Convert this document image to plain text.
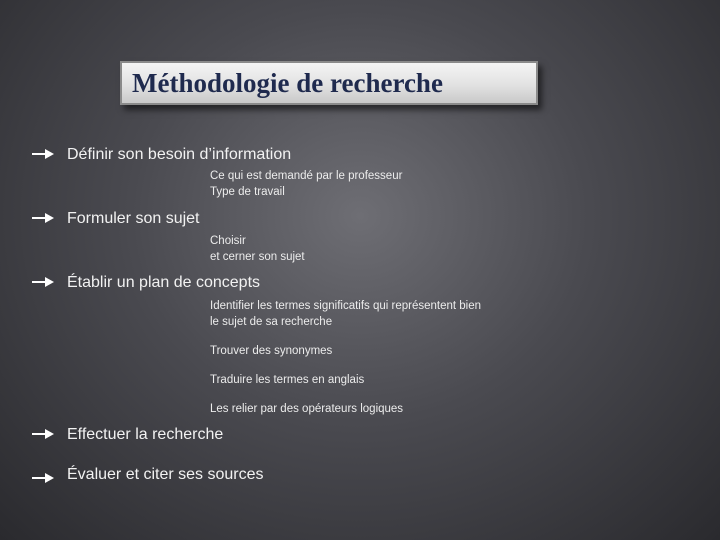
Méthodologie de recherche
Définir son besoin d’information
Ce qui est demandé par le professeur
Type de travail
Formuler son sujet
Choisir
et cerner son sujet
Établir un plan de concepts
Identifier les termes significatifs qui représentent bien
le sujet de sa recherche
Trouver des synonymes
Traduire les termes en anglais
Les relier par des opérateurs logiques
Effectuer la recherche
Évaluer et citer ses sources
